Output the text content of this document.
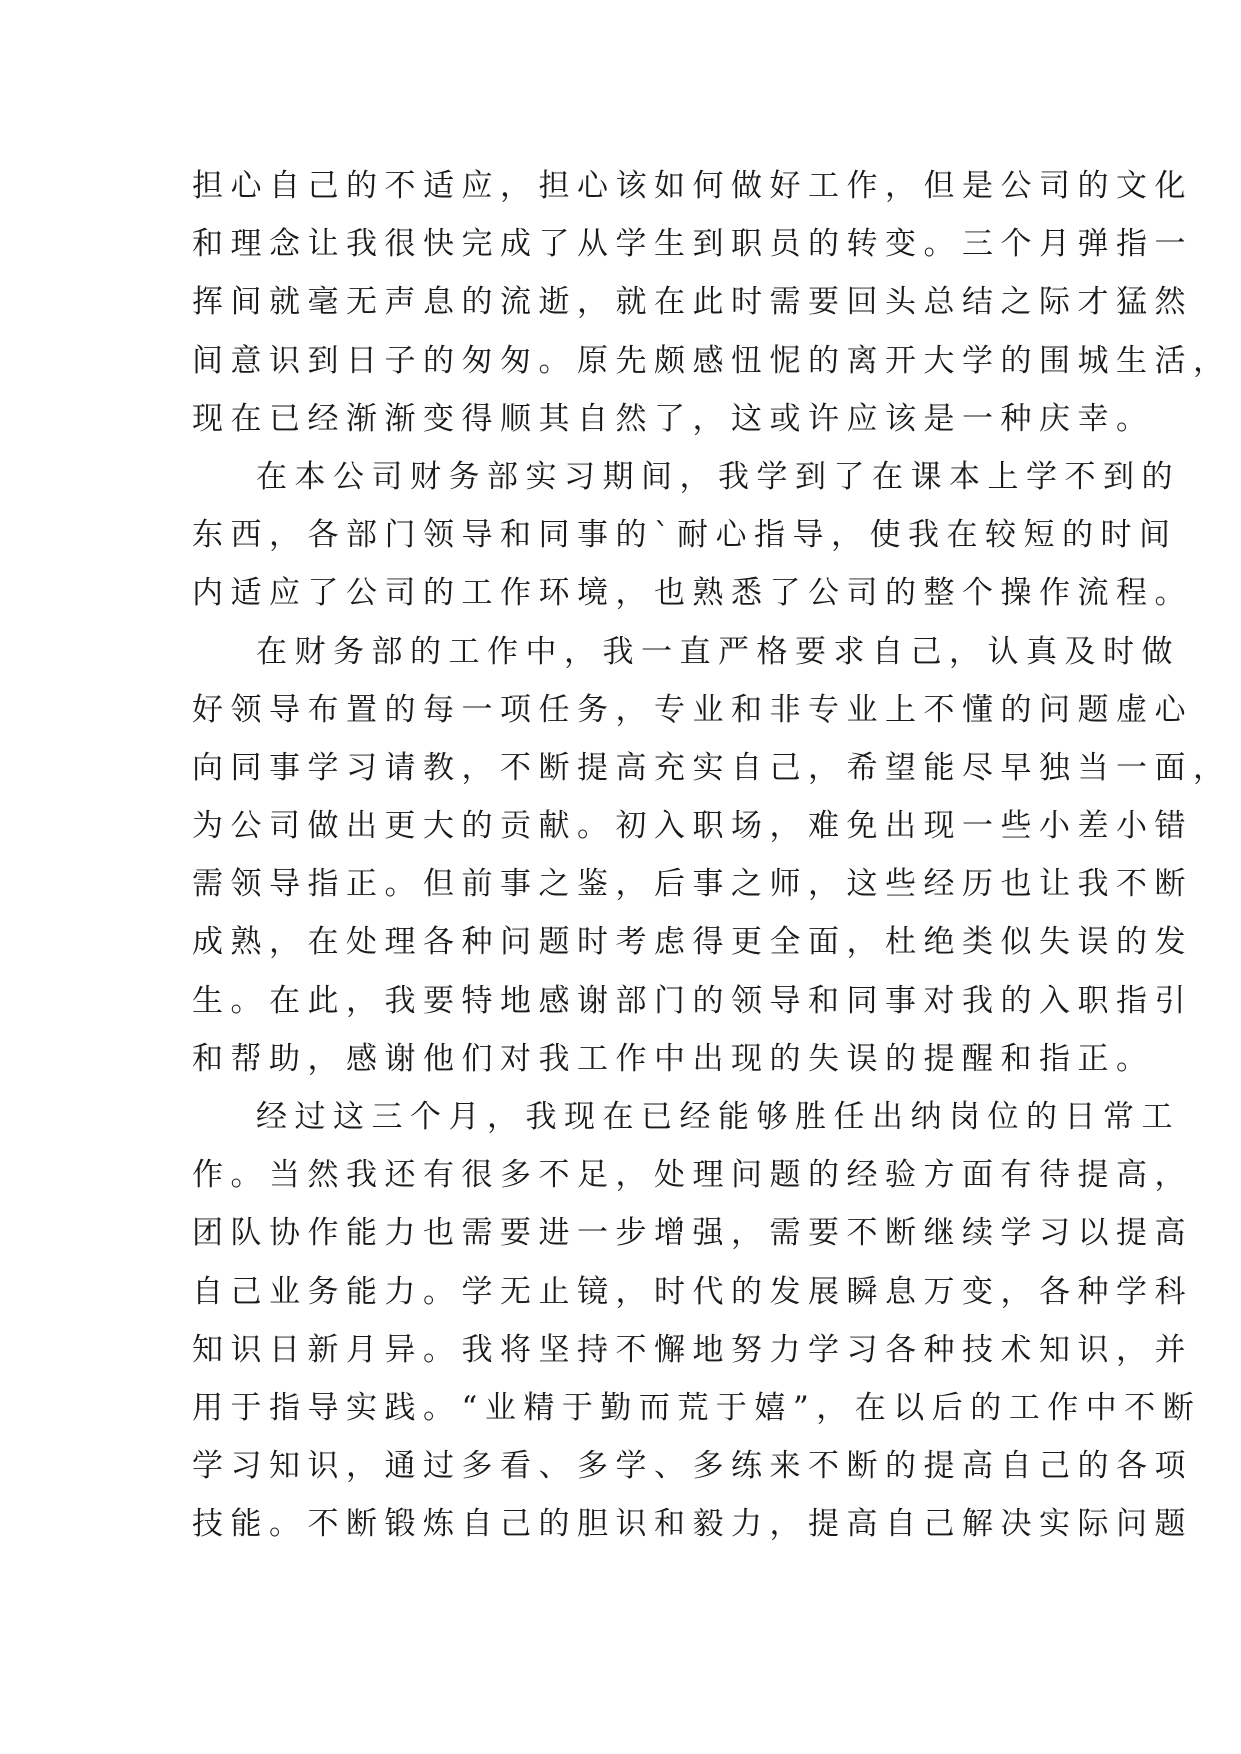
担心自己的不适应，担心该如何做好工作，但是公司的文化
和理念让我很快完成了从学生到职员的转变。三个月弹指一
挥间就毫无声息的流逝，就在此时需要回头总结之际才猛然
间意识到日子的匆匆。原先颇感忸怩的离开大学的围城生活，
现在已经渐渐变得顺其自然了，这或许应该是一种庆幸。
在本公司财务部实习期间，我学到了在课本上学不到的
东西，各部门领导和同事的`耐心指导，使我在较短的时间
内适应了公司的工作环境，也熟悉了公司的整个操作流程。
在财务部的工作中，我一直严格要求自己，认真及时做
好领导布置的每一项任务，专业和非专业上不懂的问题虚心
向同事学习请教，不断提高充实自己，希望能尽早独当一面，
为公司做出更大的贡献。初入职场，难免出现一些小差小错
需领导指正。但前事之鉴，后事之师，这些经历也让我不断
成熟，在处理各种问题时考虑得更全面，杜绝类似失误的发
生。在此，我要特地感谢部门的领导和同事对我的入职指引
和帮助，感谢他们对我工作中出现的失误的提醒和指正。
经过这三个月，我现在已经能够胜任出纳岗位的日常工
作。当然我还有很多不足，处理问题的经验方面有待提高，
团队协作能力也需要进一步增强，需要不断继续学习以提高
自己业务能力。学无止镜，时代的发展瞬息万变，各种学科
知识日新月异。我将坚持不懈地努力学习各种技术知识，并
用于指导实践。“业精于勤而荒于嬉”，在以后的工作中不断
学习知识，通过多看、多学、多练来不断的提高自己的各项
技能。不断锻炼自己的胆识和毅力，提高自己解决实际问题
